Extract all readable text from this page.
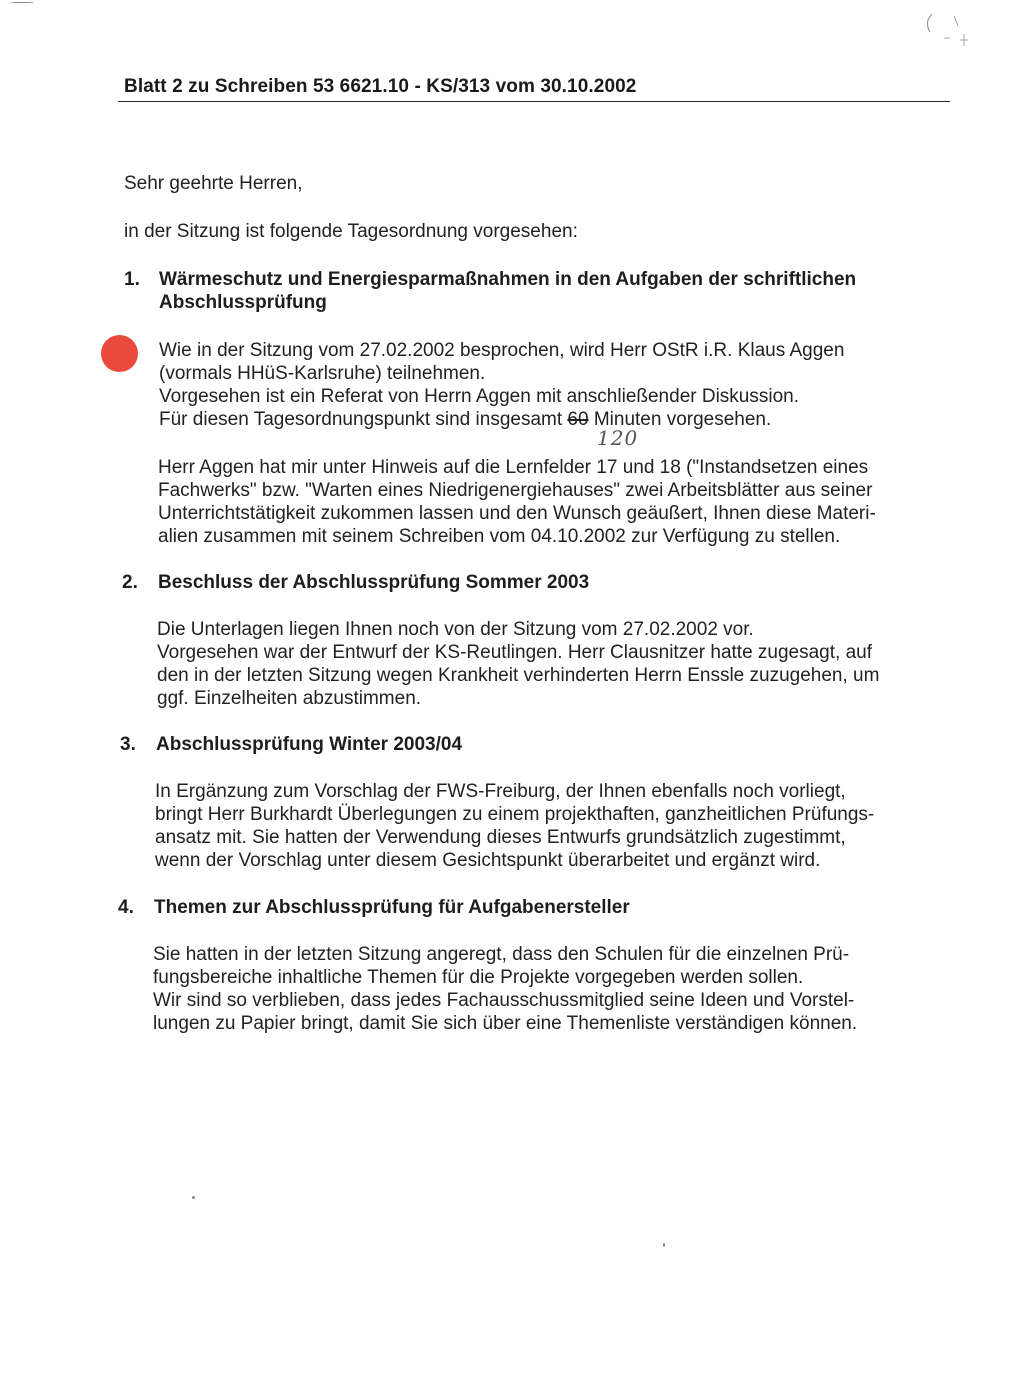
Blatt 2 zu Schreiben 53 6621.10 - KS/313 vom 30.10.2002

Sehr geehrte Herren,

in der Sitzung ist folgende Tagesordnung vorgesehen:

1. Wärmeschutz und Energiesparmaßnahmen in den Aufgaben der schriftlichen
Abschlussprüfung
Wie in der Sitzung vom 27.02.2002 besprochen, wird Herr OStR i.R. Klaus Aggen
(vormals HHüS-Karlsruhe) teilnehmen.
Vorgesehen ist ein Referat von Herrn Aggen mit anschließender Diskussion.
Für diesen Tagesordnungspunkt sind insgesamt 60 Minuten vorgesehen.
120
Herr Aggen hat mir unter Hinweis auf die Lernfelder 17 und 18 ("Instandsetzen eines
Fachwerks" bzw. "Warten eines Niedrigenergiehauses" zwei Arbeitsblätter aus seiner
Unterrichtstätigkeit zukommen lassen und den Wunsch geäußert, Ihnen diese Materi-
alien zusammen mit seinem Schreiben vom 04.10.2002 zur Verfügung zu stellen.
2. Beschluss der Abschlussprüfung Sommer 2003
Die Unterlagen liegen Ihnen noch von der Sitzung vom 27.02.2002 vor.
Vorgesehen war der Entwurf der KS-Reutlingen. Herr Clausnitzer hatte zugesagt, auf
den in der letzten Sitzung wegen Krankheit verhinderten Herrn Enssle zuzugehen, um
ggf. Einzelheiten abzustimmen.
3. Abschlussprüfung Winter 2003/04
In Ergänzung zum Vorschlag der FWS-Freiburg, der Ihnen ebenfalls noch vorliegt,
bringt Herr Burkhardt Überlegungen zu einem projekthaften, ganzheitlichen Prüfungs-
ansatz mit. Sie hatten der Verwendung dieses Entwurfs grundsätzlich zugestimmt,
wenn der Vorschlag unter diesem Gesichtspunkt überarbeitet und ergänzt wird.
4. Themen zur Abschlussprüfung für Aufgabenersteller
Sie hatten in der letzten Sitzung angeregt, dass den Schulen für die einzelnen Prü-
fungsbereiche inhaltliche Themen für die Projekte vorgegeben werden sollen.
Wir sind so verblieben, dass jedes Fachausschussmitglied seine Ideen und Vorstel-
lungen zu Papier bringt, damit Sie sich über eine Themenliste verständigen können.
